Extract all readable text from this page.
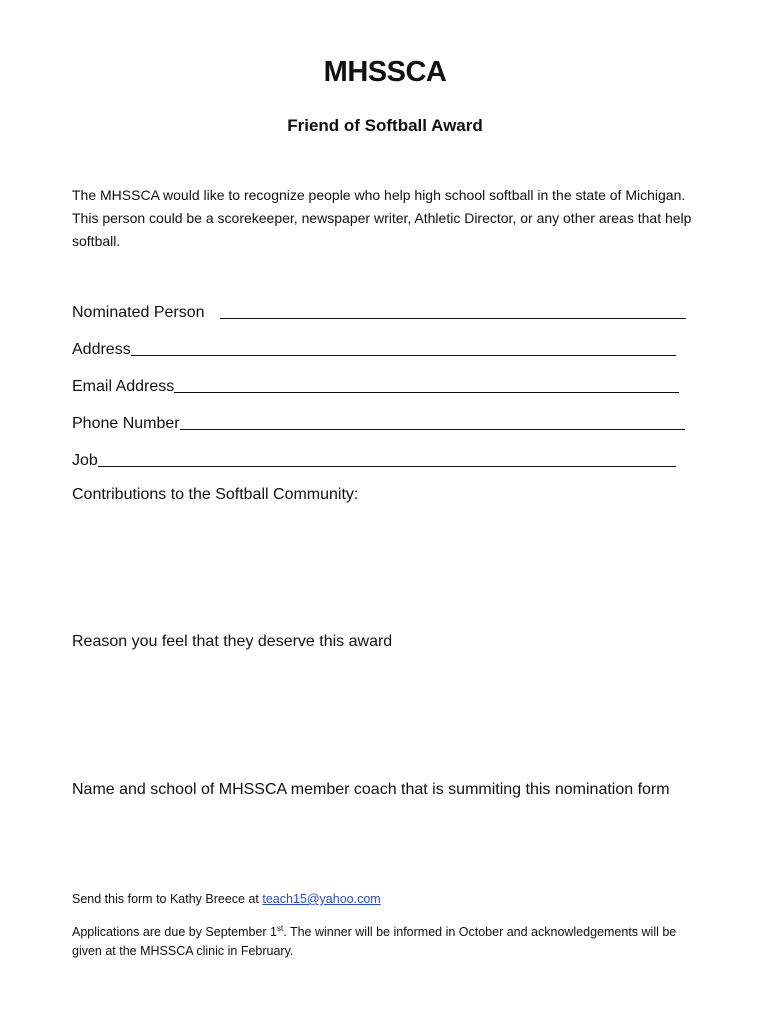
MHSSCA
Friend of Softball Award
The MHSSCA would like to recognize people who help high school softball in the state of Michigan. This person could be a scorekeeper, newspaper writer, Athletic Director, or any other areas that help softball.
Nominated Person
Address
Email Address
Phone Number
Job
Contributions to the Softball Community:
Reason you feel that they deserve this award
Name and school of MHSSCA member coach that is summiting this nomination form
Send this form to Kathy Breece at teach15@yahoo.com
Applications are due by September 1st. The winner will be informed in October and acknowledgements will be given at the MHSSCA clinic in February.
